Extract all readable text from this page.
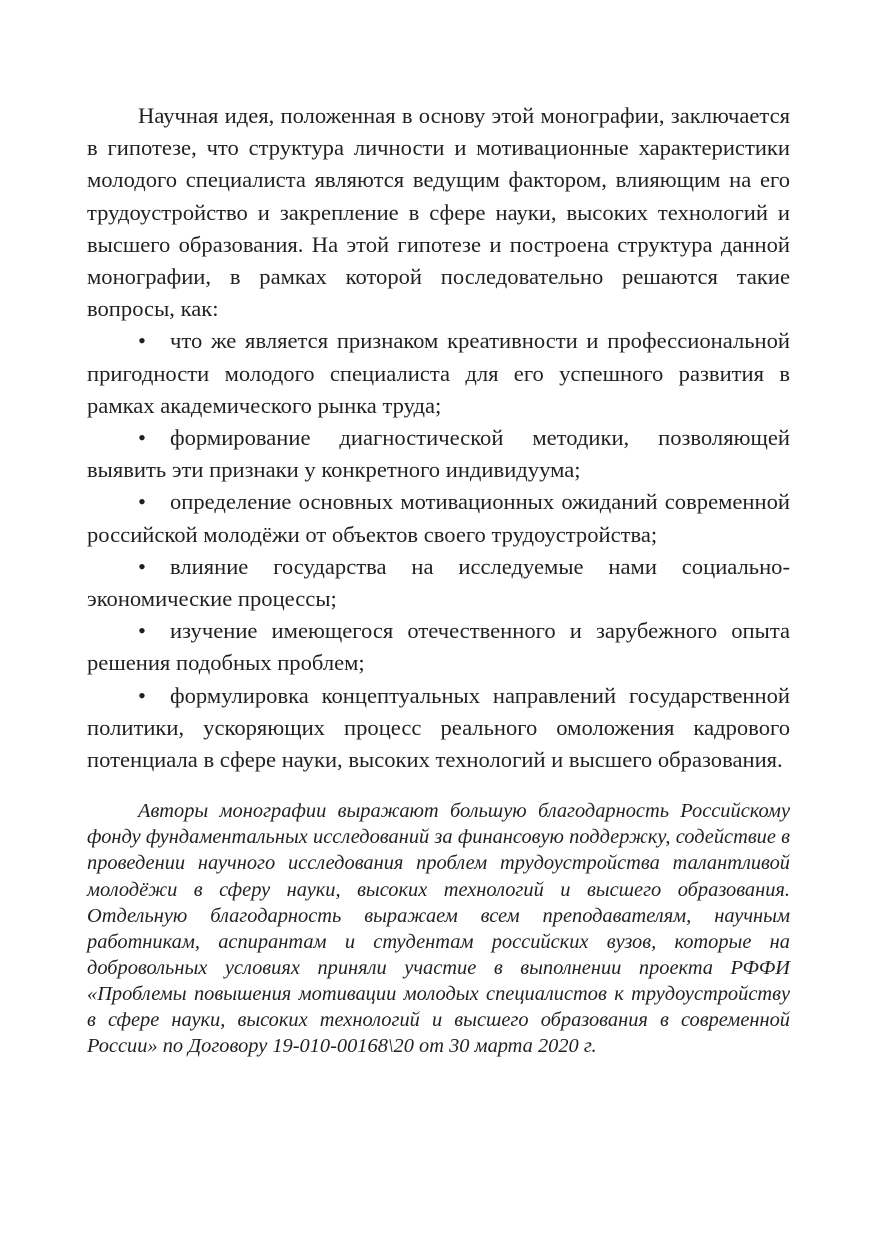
Научная идея, положенная в основу этой монографии, заключается в гипотезе, что структура личности и мотивационные характеристики молодого специалиста являются ведущим фактором, влияющим на его трудоустройство и закрепление в сфере науки, высоких технологий и высшего образования. На этой гипотезе и построена структура данной монографии, в рамках которой последовательно решаются такие вопросы, как:

• что же является признаком креативности и профессиональной пригодности молодого специалиста для его успешного развития в рамках академического рынка труда;

• формирование диагностической методики, позволяющей выявить эти признаки у конкретного индивидуума;

• определение основных мотивационных ожиданий современной российской молодёжи от объектов своего трудоустройства;

• влияние государства на исследуемые нами социально-экономические процессы;

• изучение имеющегося отечественного и зарубежного опыта решения подобных проблем;

• формулировка концептуальных направлений государственной политики, ускоряющих процесс реального омоложения кадрового потенциала в сфере науки, высоких технологий и высшего образования.

Авторы монографии выражают большую благодарность Российскому фонду фундаментальных исследований за финансовую поддержку, содействие в проведении научного исследования проблем трудоустройства талантливой молодёжи в сферу науки, высоких технологий и высшего образования. Отдельную благодарность выражаем всем преподавателям, научным работникам, аспирантам и студентам российских вузов, которые на добровольных условиях приняли участие в выполнении проекта РФФИ «Проблемы повышения мотивации молодых специалистов к трудоустройству в сфере науки, высоких технологий и высшего образования в современной России» по Договору 19-010-00168\20 от 30 марта 2020 г.
